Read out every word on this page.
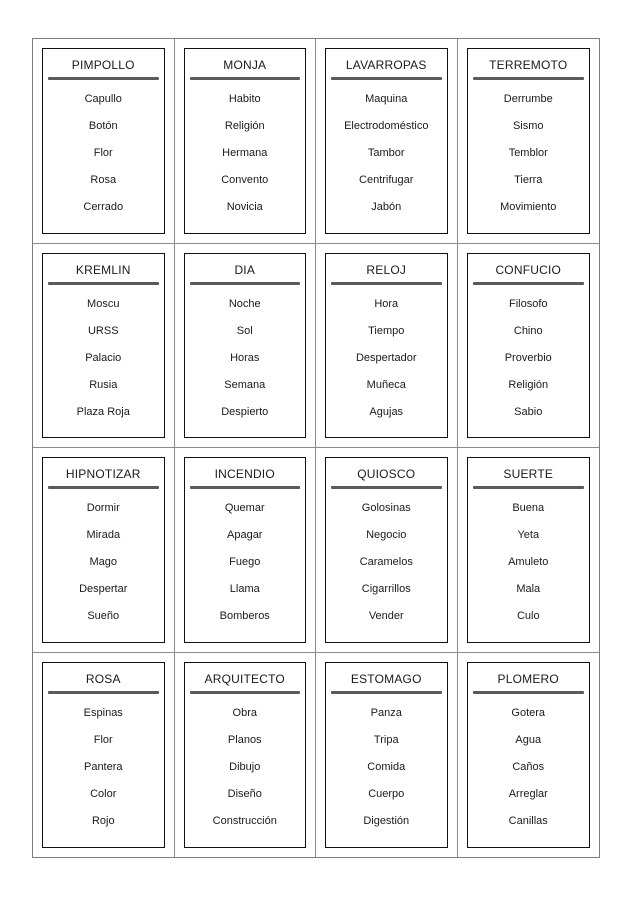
PIMPOLLO
Capullo
Botón
Flor
Rosa
Cerrado
MONJA
Habito
Religión
Hermana
Convento
Novicia
LAVARROPAS
Maquina
Electrodoméstico
Tambor
Centrifugar
Jabón
TERREMOTO
Derrumbe
Sismo
Temblor
Tierra
Movimiento
KREMLIN
Moscu
URSS
Palacio
Rusia
Plaza Roja
DIA
Noche
Sol
Horas
Semana
Despierto
RELOJ
Hora
Tiempo
Despertador
Muñeca
Agujas
CONFUCIO
Filosofo
Chino
Proverbio
Religión
Sabio
HIPNOTIZAR
Dormir
Mirada
Mago
Despertar
Sueño
INCENDIO
Quemar
Apagar
Fuego
Llama
Bomberos
QUIOSCO
Golosinas
Negocio
Caramelos
Cigarrillos
Vender
SUERTE
Buena
Yeta
Amuleto
Mala
Culo
ROSA
Espinas
Flor
Pantera
Color
Rojo
ARQUITECTO
Obra
Planos
Dibujo
Diseño
Construcción
ESTOMAGO
Panza
Tripa
Comida
Cuerpo
Digestión
PLOMERO
Gotera
Agua
Caños
Arreglar
Canillas
